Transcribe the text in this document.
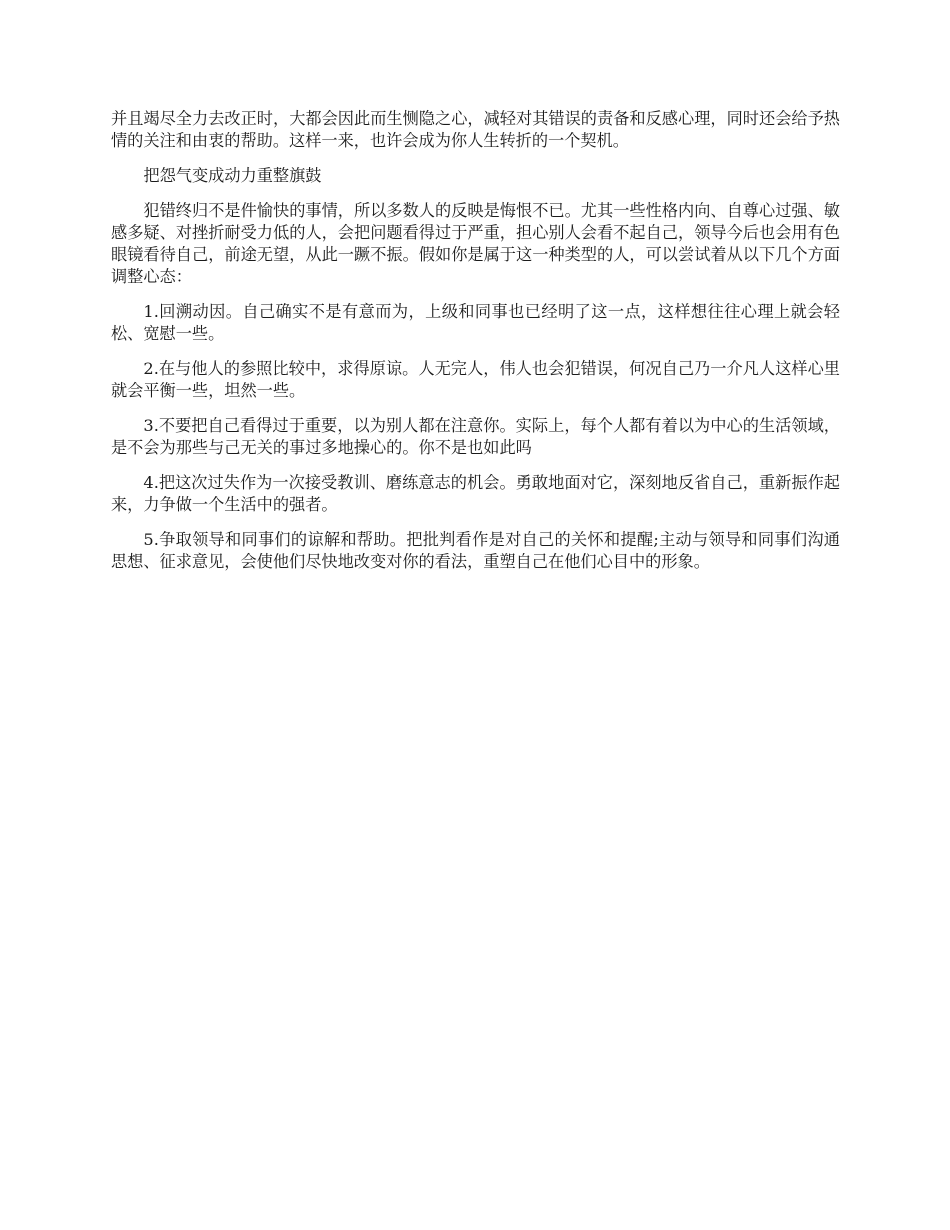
并且竭尽全力去改正时，大都会因此而生恻隐之心，减轻对其错误的责备和反感心理，同时还会给予热情的关注和由衷的帮助。这样一来，也许会成为你人生转折的一个契机。

把怨气变成动力重整旗鼓

犯错终归不是件愉快的事情，所以多数人的反映是悔恨不已。尤其一些性格内向、自尊心过强、敏感多疑、对挫折耐受力低的人，会把问题看得过于严重，担心别人会看不起自己，领导今后也会用有色眼镜看待自己，前途无望，从此一蹶不振。假如你是属于这一种类型的人，可以尝试着从以下几个方面调整心态：

1.回溯动因。自己确实不是有意而为，上级和同事也已经明了这一点，这样想往往心理上就会轻松、宽慰一些。

2.在与他人的参照比较中，求得原谅。人无完人，伟人也会犯错误，何况自己乃一介凡人这样心里就会平衡一些，坦然一些。

3.不要把自己看得过于重要，以为别人都在注意你。实际上，每个人都有着以为中心的生活领域，是不会为那些与己无关的事过多地操心的。你不是也如此吗

4.把这次过失作为一次接受教训、磨练意志的机会。勇敢地面对它，深刻地反省自己，重新振作起来，力争做一个生活中的强者。

5.争取领导和同事们的谅解和帮助。把批判看作是对自己的关怀和提醒;主动与领导和同事们沟通思想、征求意见，会使他们尽快地改变对你的看法，重塑自己在他们心目中的形象。
